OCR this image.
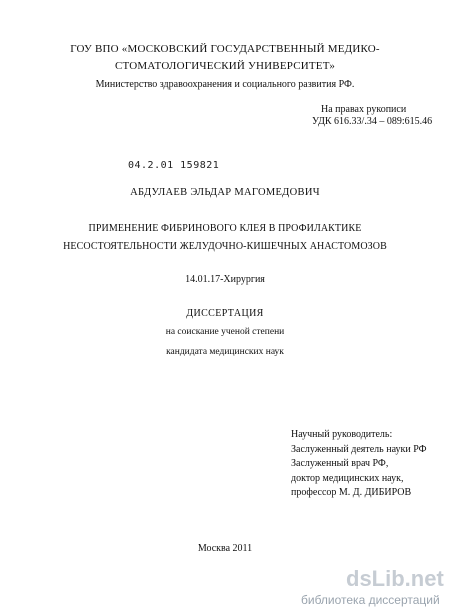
ГОУ ВПО «МОСКОВСКИЙ ГОСУДАРСТВЕННЫЙ МЕДИКО-
СТОМАТОЛОГИЧЕСКИЙ УНИВЕРСИТЕТ»
Министерство здравоохранения и социального развития РФ.
На правах рукописи
УДК 616.33/.34 – 089:615.46
04.2.01 159821
АБДУЛАЕВ ЭЛЬДАР МАГОМЕДОВИЧ
ПРИМЕНЕНИЕ ФИБРИНОВОГО КЛЕЯ В ПРОФИЛАКТИКЕ
НЕСОСТОЯТЕЛЬНОСТИ ЖЕЛУДОЧНО-КИШЕЧНЫХ АНАСТОМОЗОВ
14.01.17-Хирургия
ДИССЕРТАЦИЯ
на соискание ученой степени
кандидата медицинских наук
Научный руководитель:
Заслуженный деятель науки РФ
Заслуженный врач РФ,
доктор медицинских наук,
профессор М. Д. ДИБИРОВ
Москва 2011
dsLib.net
библиотека диссертаций
